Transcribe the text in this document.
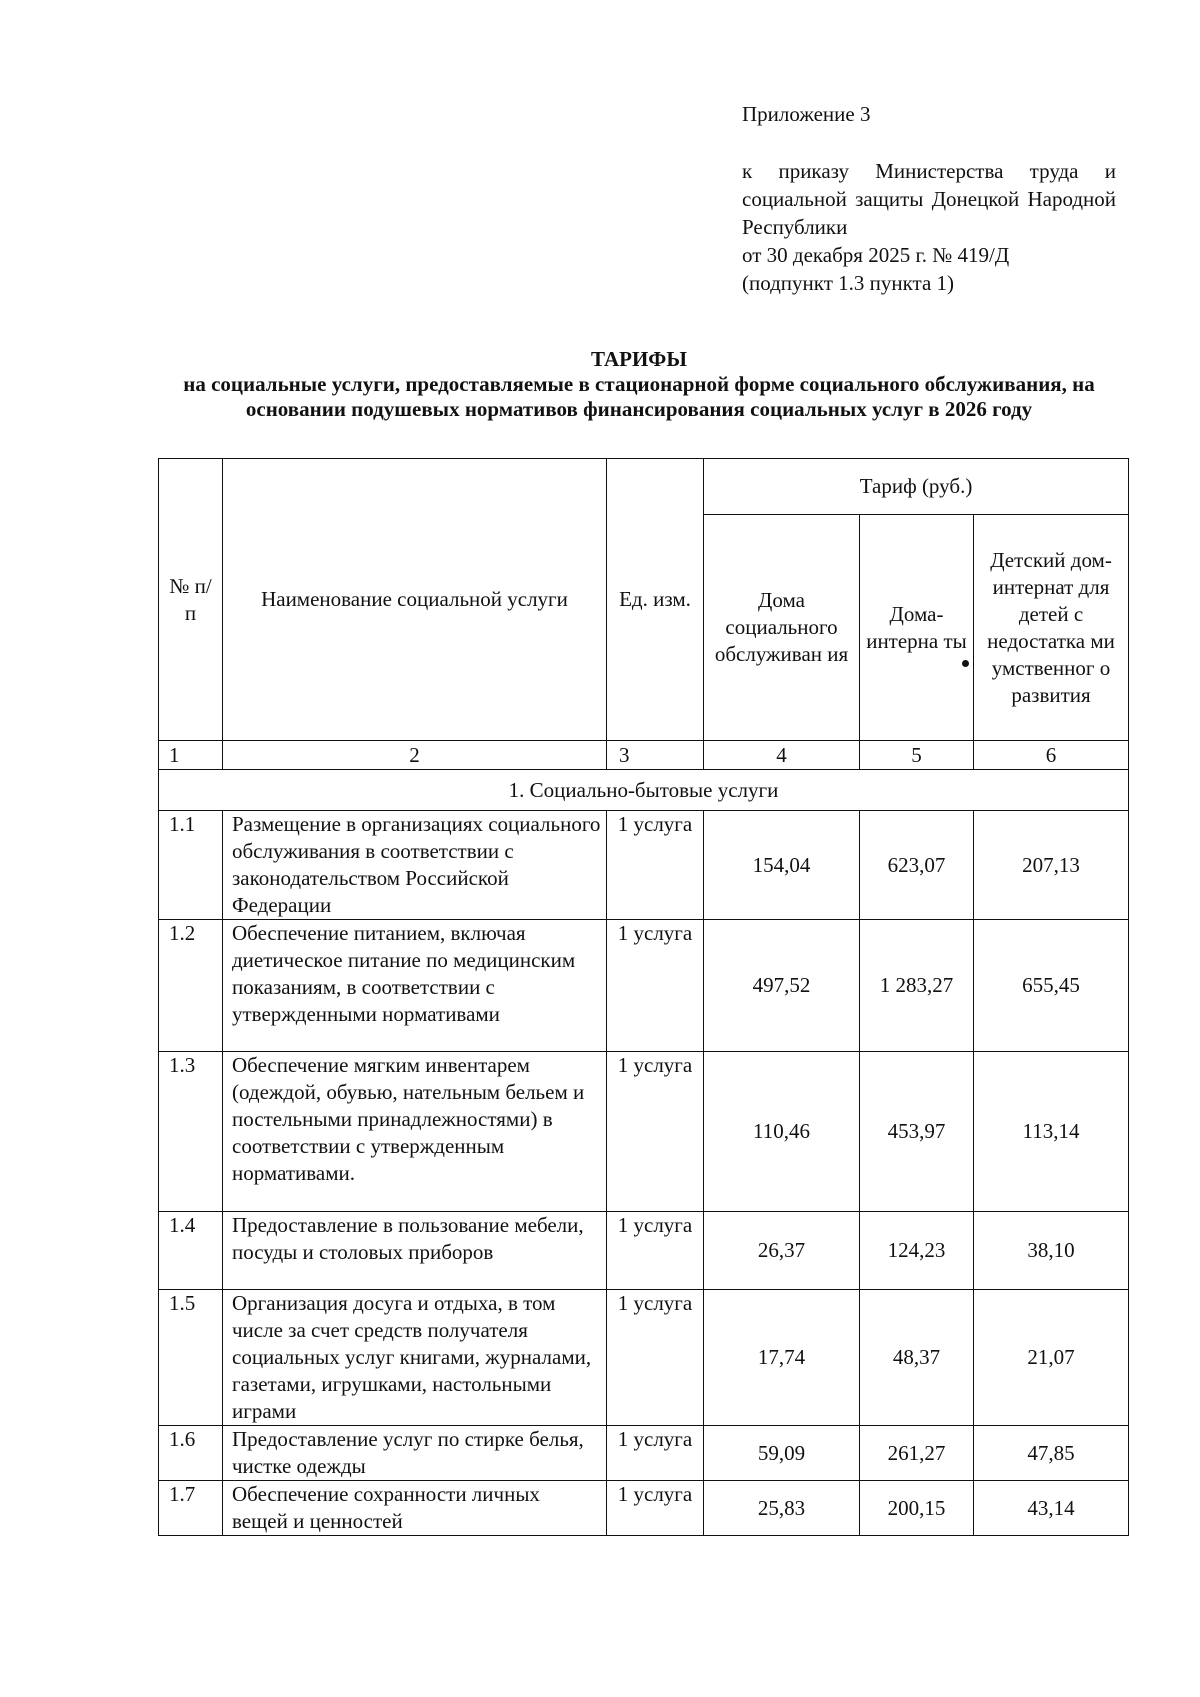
Приложение 3

к приказу Министерства труда и социальной защиты Донецкой Народной Республики

от 30 декабря 2025 г. № 419/Д
(подпункт 1.3 пункта 1)
ТАРИФЫ
на социальные услуги, предоставляемые в стационарной форме социального обслуживания, на основании подушевых нормативов финансирования социальных услуг в 2026 году
№ п/п	Наименование социальной услуги	Ед. изм.	Тариф (руб.)		
			Дома социального обслуживан ия	Дома-интерна ты	Детский дом-интернат для детей с недостатка ми умственног о развития
1	2	3	4	5	6
1. Социально-бытовые услуги					
1.1	Размещение в организациях социального обслуживания в соответствии с законодательством Российской Федерации	1 услуга	154,04	623,07	207,13
1.2	Обеспечение питанием, включая диетическое питание по медицинским показаниям, в соответствии с утвержденными нормативами	1 услуга	497,52	1 283,27	655,45
1.3	Обеспечение мягким инвентарем (одеждой, обувью, нательным бельем и постельными принадлежностями) в соответствии с утвержденным нормативами.	1 услуга	110,46	453,97	113,14
1.4	Предоставление в пользование мебели, посуды и столовых приборов	1 услуга	26,37	124,23	38,10
1.5	Организация досуга и отдыха, в том числе за счет средств получателя социальных услуг книгами, журналами, газетами, игрушками, настольными играми	1 услуга	17,74	48,37	21,07
1.6	Предоставление услуг по стирке белья, чистке одежды	1 услуга	59,09	261,27	47,85
1.7	Обеспечение сохранности личных вещей и ценностей	1 услуга	25,83	200,15	43,14
